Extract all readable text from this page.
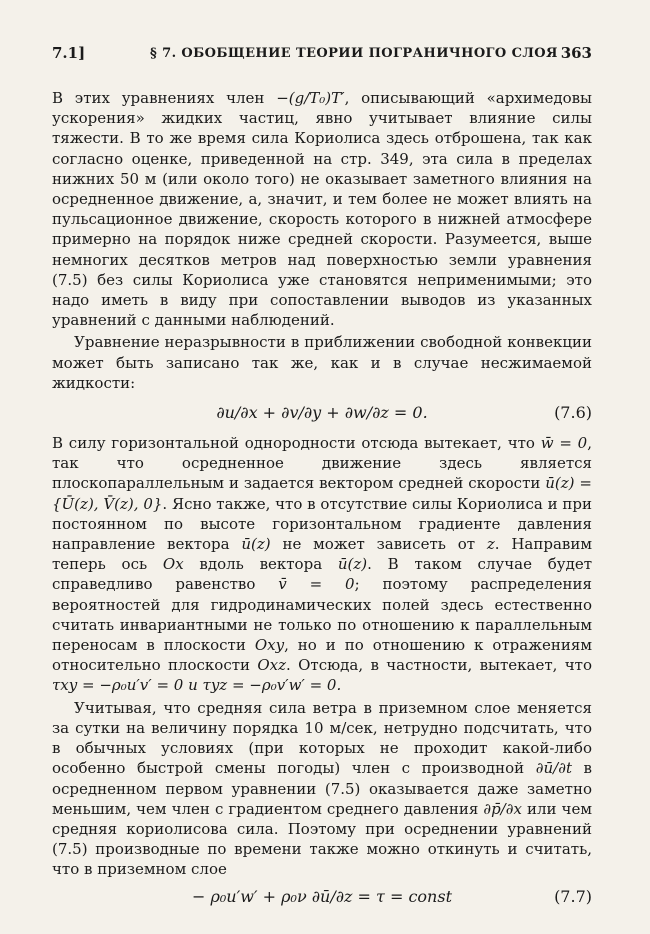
7.1]	§ 7. ОБОБЩЕНИЕ ТЕОРИИ ПОГРАНИЧНОГО СЛОЯ 363

В этих уравнениях член −(g/T₀)T′, описывающий «архимедовы ускорения» жидких частиц, явно учитывает влияние силы тяжести. В то же время сила Кориолиса здесь отброшена, так как согласно оценке, приведенной на стр. 349, эта сила в пределах нижних 50 м (или около того) не оказывает заметного влияния на осредненное движение, а, значит, и тем более не может влиять на пульсационное движение, скорость которого в нижней атмосфере примерно на порядок ниже средней скорости. Разумеется, выше немногих десятков метров над поверхностью земли уравнения (7.5) без силы Кориолиса уже становятся неприменимыми; это надо иметь в виду при сопоставлении выводов из указанных уравнений с данными наблюдений.

Уравнение неразрывности в приближении свободной конвекции может быть записано так же, как и в случае несжимаемой жидкости:

∂u/∂x + ∂v/∂y + ∂w/∂z = 0.	(7.6)

В силу горизонтальной однородности отсюда вытекает, что w̄ = 0, так что осредненное движение здесь является плоскопараллельным и задается вектором средней скорости ū(z) = {Ū(z), V̄(z), 0}. Ясно также, что в отсутствие силы Кориолиса и при постоянном по высоте горизонтальном градиенте давления направление вектора ū(z) не может зависеть от z. Направим теперь ось Ox вдоль вектора ū(z). В таком случае будет справедливо равенство v̄ = 0; поэтому распределения вероятностей для гидродинамических полей здесь естественно считать инвариантными не только по отношению к параллельным переносам в плоскости Oxy, но и по отношению к отражениям относительно плоскости Oxz. Отсюда, в частности, вытекает, что τxy = −ρ₀u′v′ = 0 и τyz = −ρ₀v′w′ = 0.

Учитывая, что средняя сила ветра в приземном слое меняется за сутки на величину порядка 10 м/сек, нетрудно подсчитать, что в обычных условиях (при которых не проходит какой-либо особенно быстрой смены погоды) член с производной ∂ū/∂t в осредненном первом уравнении (7.5) оказывается даже заметно меньшим, чем член с градиентом среднего давления ∂p̄/∂x или чем средняя кориолисова сила. Поэтому при осреднении уравнений (7.5) производные по времени также можно откинуть и считать, что в приземном слое

− ρ₀u′w′ + ρ₀ν ∂ū/∂z = τ = const	(7.7)
